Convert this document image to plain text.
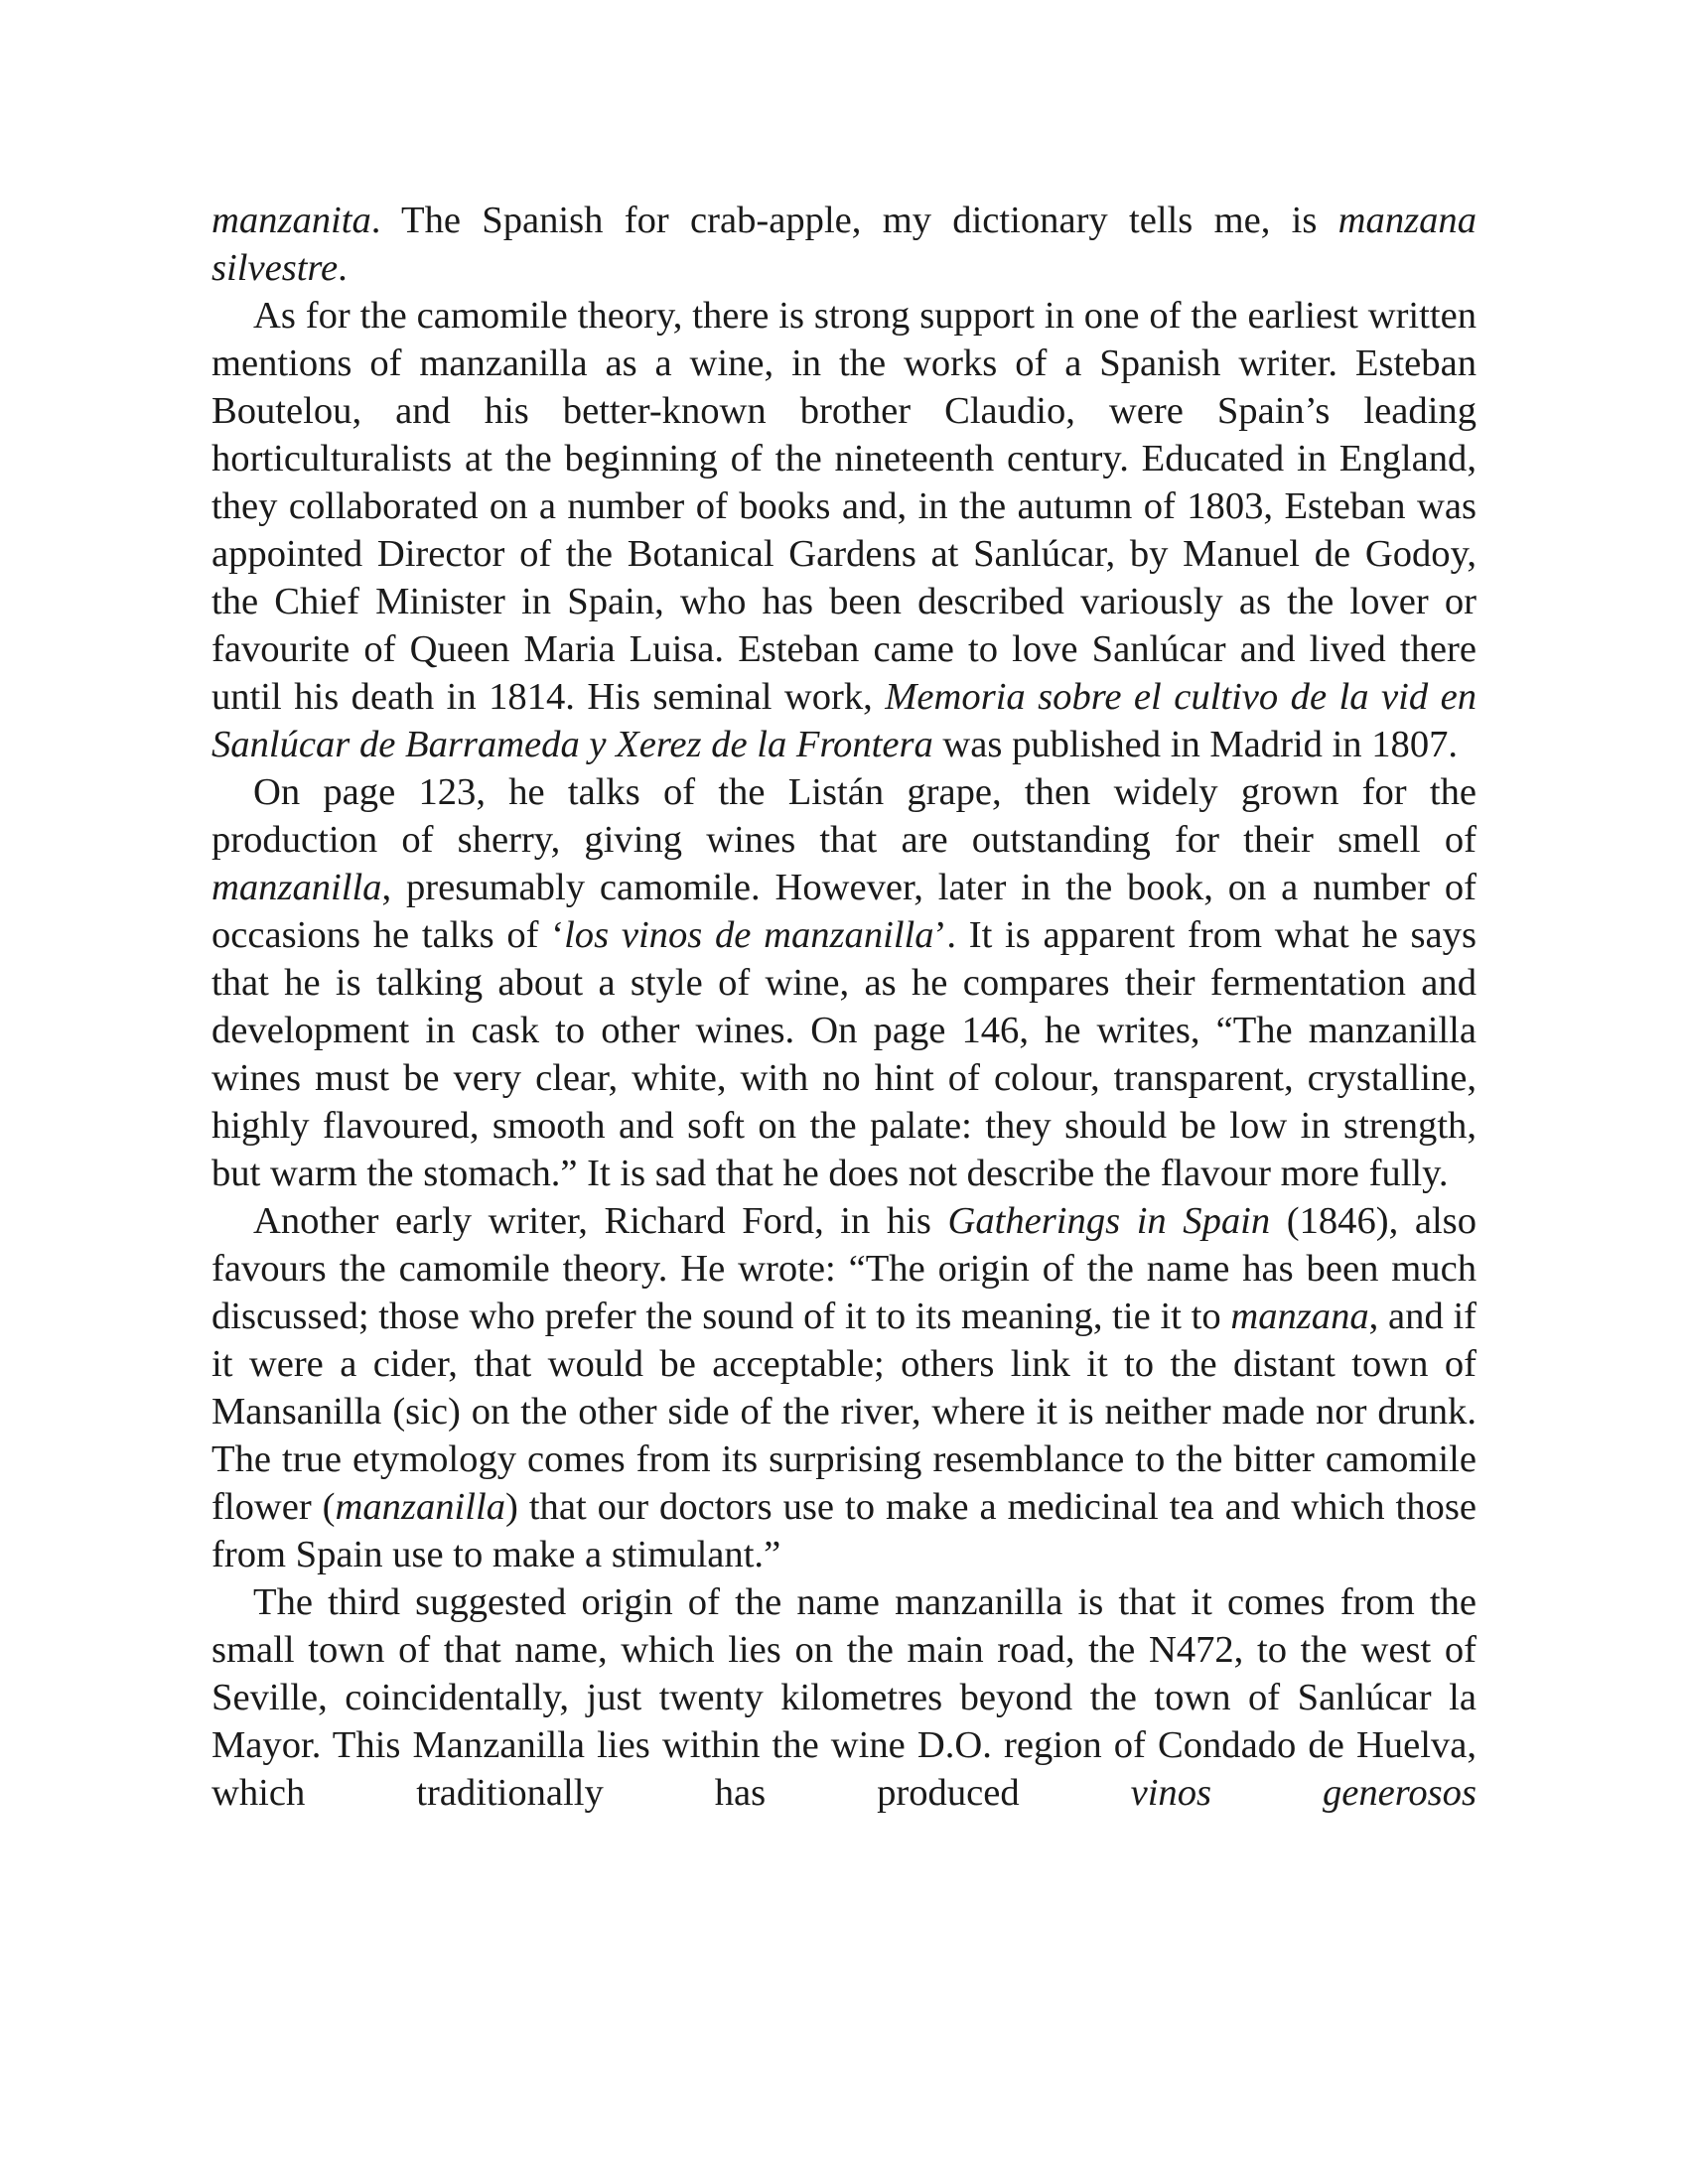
manzanita. The Spanish for crab-apple, my dictionary tells me, is manzana silvestre.

As for the camomile theory, there is strong support in one of the earliest written mentions of manzanilla as a wine, in the works of a Spanish writer. Esteban Boutelou, and his better-known brother Claudio, were Spain’s leading horticulturalists at the beginning of the nineteenth century. Educated in England, they collaborated on a number of books and, in the autumn of 1803, Esteban was appointed Director of the Botanical Gardens at Sanlúcar, by Manuel de Godoy, the Chief Minister in Spain, who has been described variously as the lover or favourite of Queen Maria Luisa. Esteban came to love Sanlúcar and lived there until his death in 1814. His seminal work, Memoria sobre el cultivo de la vid en Sanlúcar de Barrameda y Xerez de la Frontera was published in Madrid in 1807.

On page 123, he talks of the Listán grape, then widely grown for the production of sherry, giving wines that are outstanding for their smell of manzanilla, presumably camomile. However, later in the book, on a number of occasions he talks of ‘los vinos de manzanilla’. It is apparent from what he says that he is talking about a style of wine, as he compares their fermentation and development in cask to other wines. On page 146, he writes, “The manzanilla wines must be very clear, white, with no hint of colour, transparent, crystalline, highly flavoured, smooth and soft on the palate: they should be low in strength, but warm the stomach.” It is sad that he does not describe the flavour more fully.

Another early writer, Richard Ford, in his Gatherings in Spain (1846), also favours the camomile theory. He wrote: “The origin of the name has been much discussed; those who prefer the sound of it to its meaning, tie it to manzana, and if it were a cider, that would be acceptable; others link it to the distant town of Mansanilla (sic) on the other side of the river, where it is neither made nor drunk. The true etymology comes from its surprising resemblance to the bitter camomile flower (manzanilla) that our doctors use to make a medicinal tea and which those from Spain use to make a stimulant.”

The third suggested origin of the name manzanilla is that it comes from the small town of that name, which lies on the main road, the N472, to the west of Seville, coincidentally, just twenty kilometres beyond the town of Sanlúcar la Mayor. This Manzanilla lies within the wine D.O. region of Condado de Huelva, which traditionally has produced vinos generosos
